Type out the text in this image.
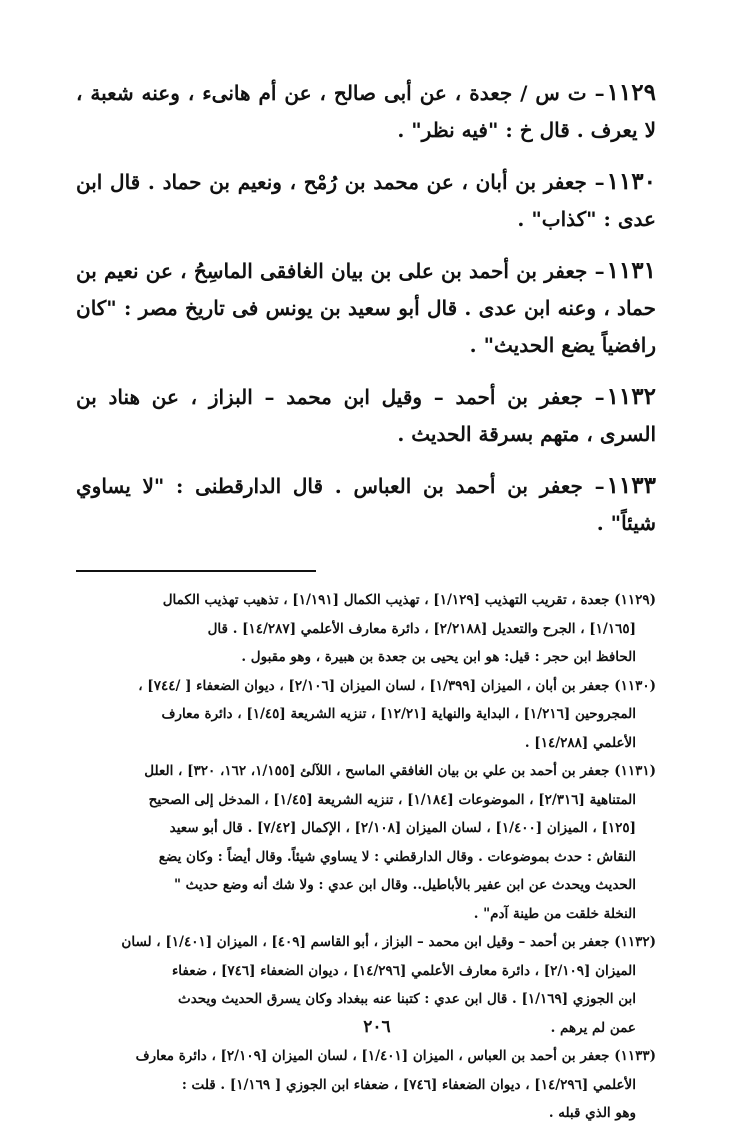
١١٢٩– ت س / جعدة ، عن أبى صالح ، عن أم هانىء ، وعنه شعبة ، لا يعرف . قال خ : "فيه نظر" .

١١٣٠– جعفر بن أبان ، عن محمد بن رُمْح ، ونعيم بن حماد . قال ابن عدى : "كذاب" .

١١٣١– جعفر بن أحمد بن على بن بيان الغافقى الماسِحُ ، عن نعيم بن حماد ، وعنه ابن عدى . قال أبو سعيد بن يونس فى تاريخ مصر : "كان رافضياً يضع الحديث" .

١١٣٢– جعفر بن أحمد – وقيل ابن محمد – البزاز ، عن هناد بن السرى ، متهم بسرقة الحديث .

١١٣٣– جعفر بن أحمد بن العباس . قال الدارقطنى : "لا يساوي شيئاً" .

(١١٢٩) جعدة ، تقريب التهذيب [١/١٢٩] ، تهذيب الكمال [١/١٩١] ، تذهيب تهذيب الكمال
[١/١٦٥] ، الجرح والتعديل [٢/٢١٨٨] ، دائرة معارف الأعلمي [١٤/٢٨٧] . قال
الحافظ ابن حجر : قيل: هو ابن يحيى بن جعدة بن هبيرة ، وهو مقبول .
(١١٣٠) جعفر بن أبان ، الميزان [١/٣٩٩] ، لسان الميزان [٢/١٠٦] ، ديوان الضعفاء [ /٧٤٤] ،
المجروحين [١/٢١٦] ، البداية والنهاية [١٢/٢١] ، تنزيه الشريعة [١/٤٥] ، دائرة معارف
الأعلمي [١٤/٢٨٨] .
(١١٣١) جعفر بن أحمد بن علي بن بيان الغافقي الماسح ، اللآلئ [١/١٥٥، ١٦٢، ٣٢٠] ، العلل
المتناهية [٢/٣١٦] ، الموضوعات [١/١٨٤] ، تنزيه الشريعة [١/٤٥] ، المدخل إلى الصحيح
[١٢٥] ، الميزان [١/٤٠٠] ، لسان الميزان [٢/١٠٨] ، الإكمال [٧/٤٢] . قال أبو سعيد
النقاش : حدث بموضوعات . وقال الدارقطني : لا يساوي شيئاً. وقال أيضاً : وكان يضع
الحديث ويحدث عن ابن عفير بالأباطيل.. وقال ابن عدي : ولا شك أنه وضع حديث "
النخلة خلقت من طينة آدم" .
(١١٣٢) جعفر بن أحمد – وقيل ابن محمد – البزاز ، أبو القاسم [٤٠٩] ، الميزان [١/٤٠١] ، لسان
الميزان [٢/١٠٩] ، دائرة معارف الأعلمي [١٤/٢٩٦] ، ديوان الضعفاء [٧٤٦] ، ضعفاء
ابن الجوزي [١/١٦٩] . قال ابن عدي : كتبنا عنه ببغداد وكان يسرق الحديث ويحدث
عمن لم يرهم .
(١١٣٣) جعفر بن أحمد بن العباس ، الميزان [١/٤٠١] ، لسان الميزان [٢/١٠٩] ، دائرة معارف
الأعلمي [١٤/٢٩٦] ، ديوان الضعفاء [٧٤٦] ، ضعفاء ابن الجوزي [ ١/١٦٩] . قلت :
وهو الذي قبله .
٢٠٦
